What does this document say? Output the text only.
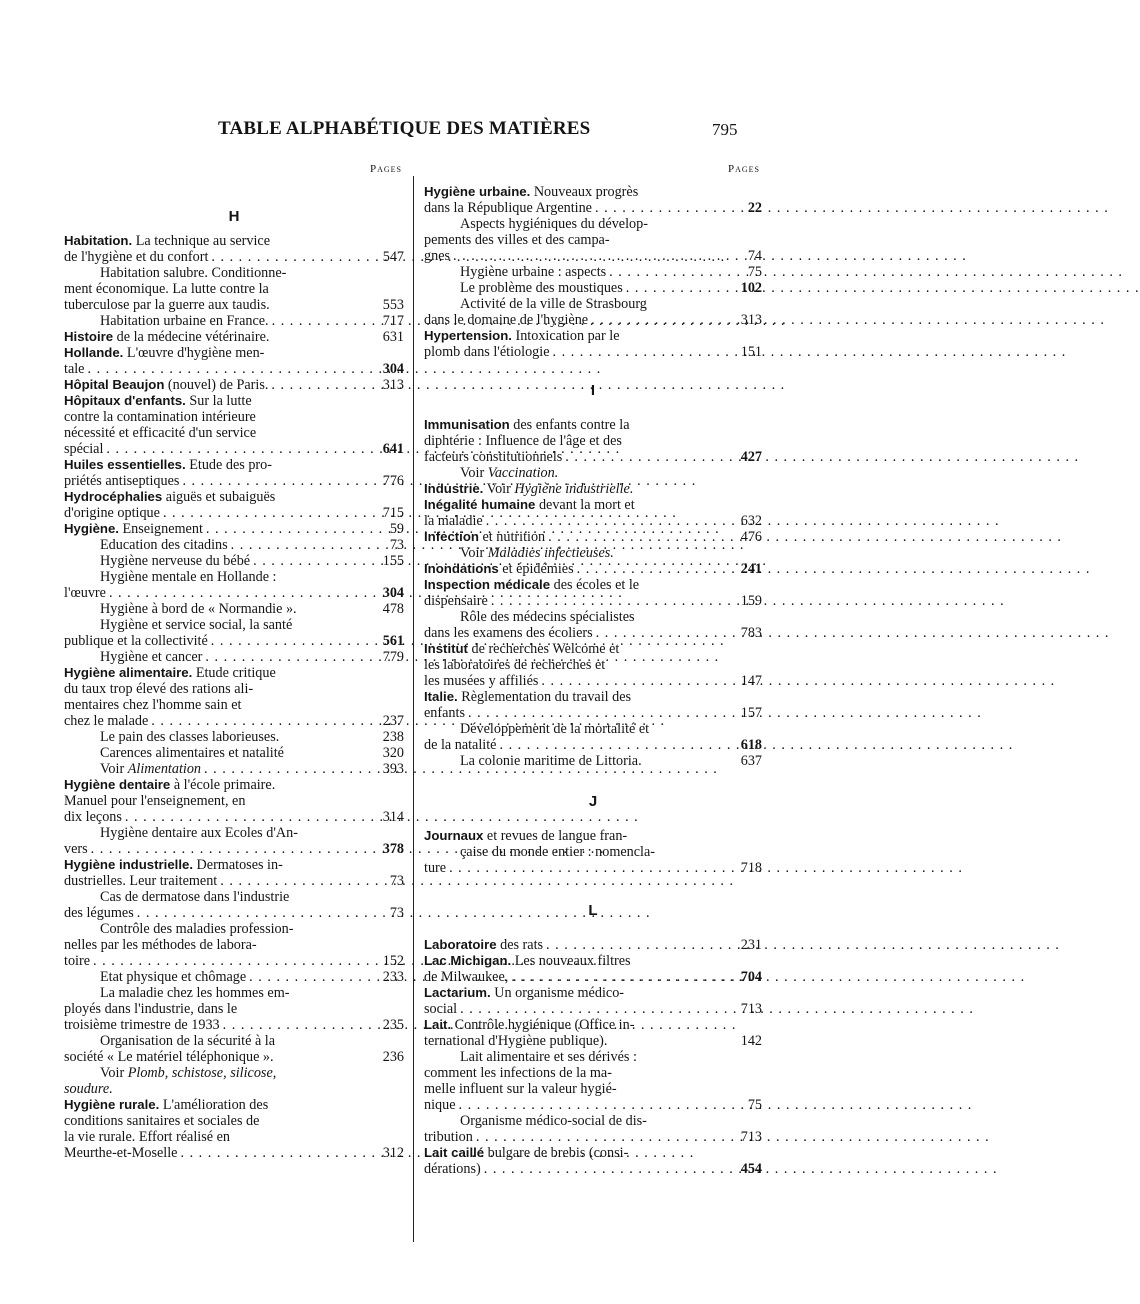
TABLE ALPHABÉTIQUE DES MATIÈRES	795
Pages
H
Habitation. La technique au service
de l'hygiène et du confort . . .	547
Habitation salubre. Conditionne-
ment économique. La lutte contre la
tuberculose par la guerre aux taudis.	553
Habitation urbaine en France. . . .	717
Histoire de la médecine vétérinaire.	631
Hollande. L'œuvre d'hygiène men-
tale . . .	304
Hôpital Beaujon (nouvel) de Paris. . . .	313
Hôpitaux d'enfants. Sur la lutte
contre la contamination intérieure
nécessité et efficacité d'un service
spécial . . .	641
Huiles essentielles. Etude des pro-
priétés antiseptiques . . .	776
Hydrocéphalies aiguës et subaiguës
d'origine optique . . .	715
Hygiène. Enseignement . . .	59
Education des citadins . . .	73
Hygiène nerveuse du bébé . . .	155
Hygiène mentale en Hollande :
l'œuvre . . .	304
Hygiène à bord de « Normandie ».	478
Hygiène et service social, la santé
publique et la collectivité . . .	561
Hygiène et cancer . . .	779
Hygiène alimentaire. Etude critique
du taux trop élevé des rations ali-
mentaires chez l'homme sain et
chez le malade . . .	237
Le pain des classes laborieuses.	238
Carences alimentaires et natalité	320
Voir Alimentation . . .	393
Hygiène dentaire à l'école primaire.
Manuel pour l'enseignement, en
dix leçons . . .	314
Hygiène dentaire aux Ecoles d'An-
vers . . .	378
Hygiène industrielle. Dermatoses in-
dustrielles. Leur traitement . . .	73
Cas de dermatose dans l'industrie
des légumes . . .	73
Contrôle des maladies profession-
nelles par les méthodes de labora-
toire . . .	152
Etat physique et chômage . . .	233
La maladie chez les hommes em-
ployés dans l'industrie, dans le
troisième trimestre de 1933 . . .	235
Organisation de la sécurité à la
société « Le matériel téléphonique ».	236
Voir Plomb, schistose, silicose,
soudure.
Hygiène rurale. L'amélioration des
conditions sanitaires et sociales de
la vie rurale. Effort réalisé en
Meurthe-et-Moselle . . .	312
Pages
Hygiène urbaine. Nouveaux progrès
dans la République Argentine . . .	22
Aspects hygiéniques du dévelop-
pements des villes et des campa-
gnes . . .	74
Hygiène urbaine : aspects . . .	75
Le problème des moustiques . . .	102
Activité de la ville de Strasbourg
dans le domaine de l'hygiène . . .	313
Hypertension. Intoxication par le
plomb dans l'étiologie . . .	151
I
Immunisation des enfants contre la
diphtérie : Influence de l'âge et des
facteurs constitutionnels . . .	427
Voir Vaccination.
Industrie. Voir Hygiène industrielle.
Inégalité humaine devant la mort et
la maladie . . .	632
Infection et nutrition . . .	476
Voir Maladies infectieuses.
Inondations et épidémies . . .	241
Inspection médicale des écoles et le
dispensaire . . .	159
Rôle des médecins spécialistes
dans les examens des écoliers . . .	783
Institut de recherches Welcome et
les laboratoires de recherches et
les musées y affiliés . . .	147
Italie. Règlementation du travail des
enfants . . .	157
Développement de la mortalité et
de la natalité . . .	618
La colonie maritime de Littoria.	637
J
Journaux et revues de langue fran-
çaise du monde entier : nomencla-
ture . . .	718
L
Laboratoire des rats . . .	231
Lac Michigan. Les nouveaux filtres
de Milwaukee, . . .	704
Lactarium. Un organisme médico-
social . . .	713
Lait. Contrôle hygiénique (Office in-
ternational d'Hygiène publique).	142
Lait alimentaire et ses dérivés :
comment les infections de la ma-
melle influent sur la valeur hygié-
nique . . .	75
Organisme médico-social de dis-
tribution . . .	713
Lait caillé bulgare de brebis (consi-
dérations) . . .	454
